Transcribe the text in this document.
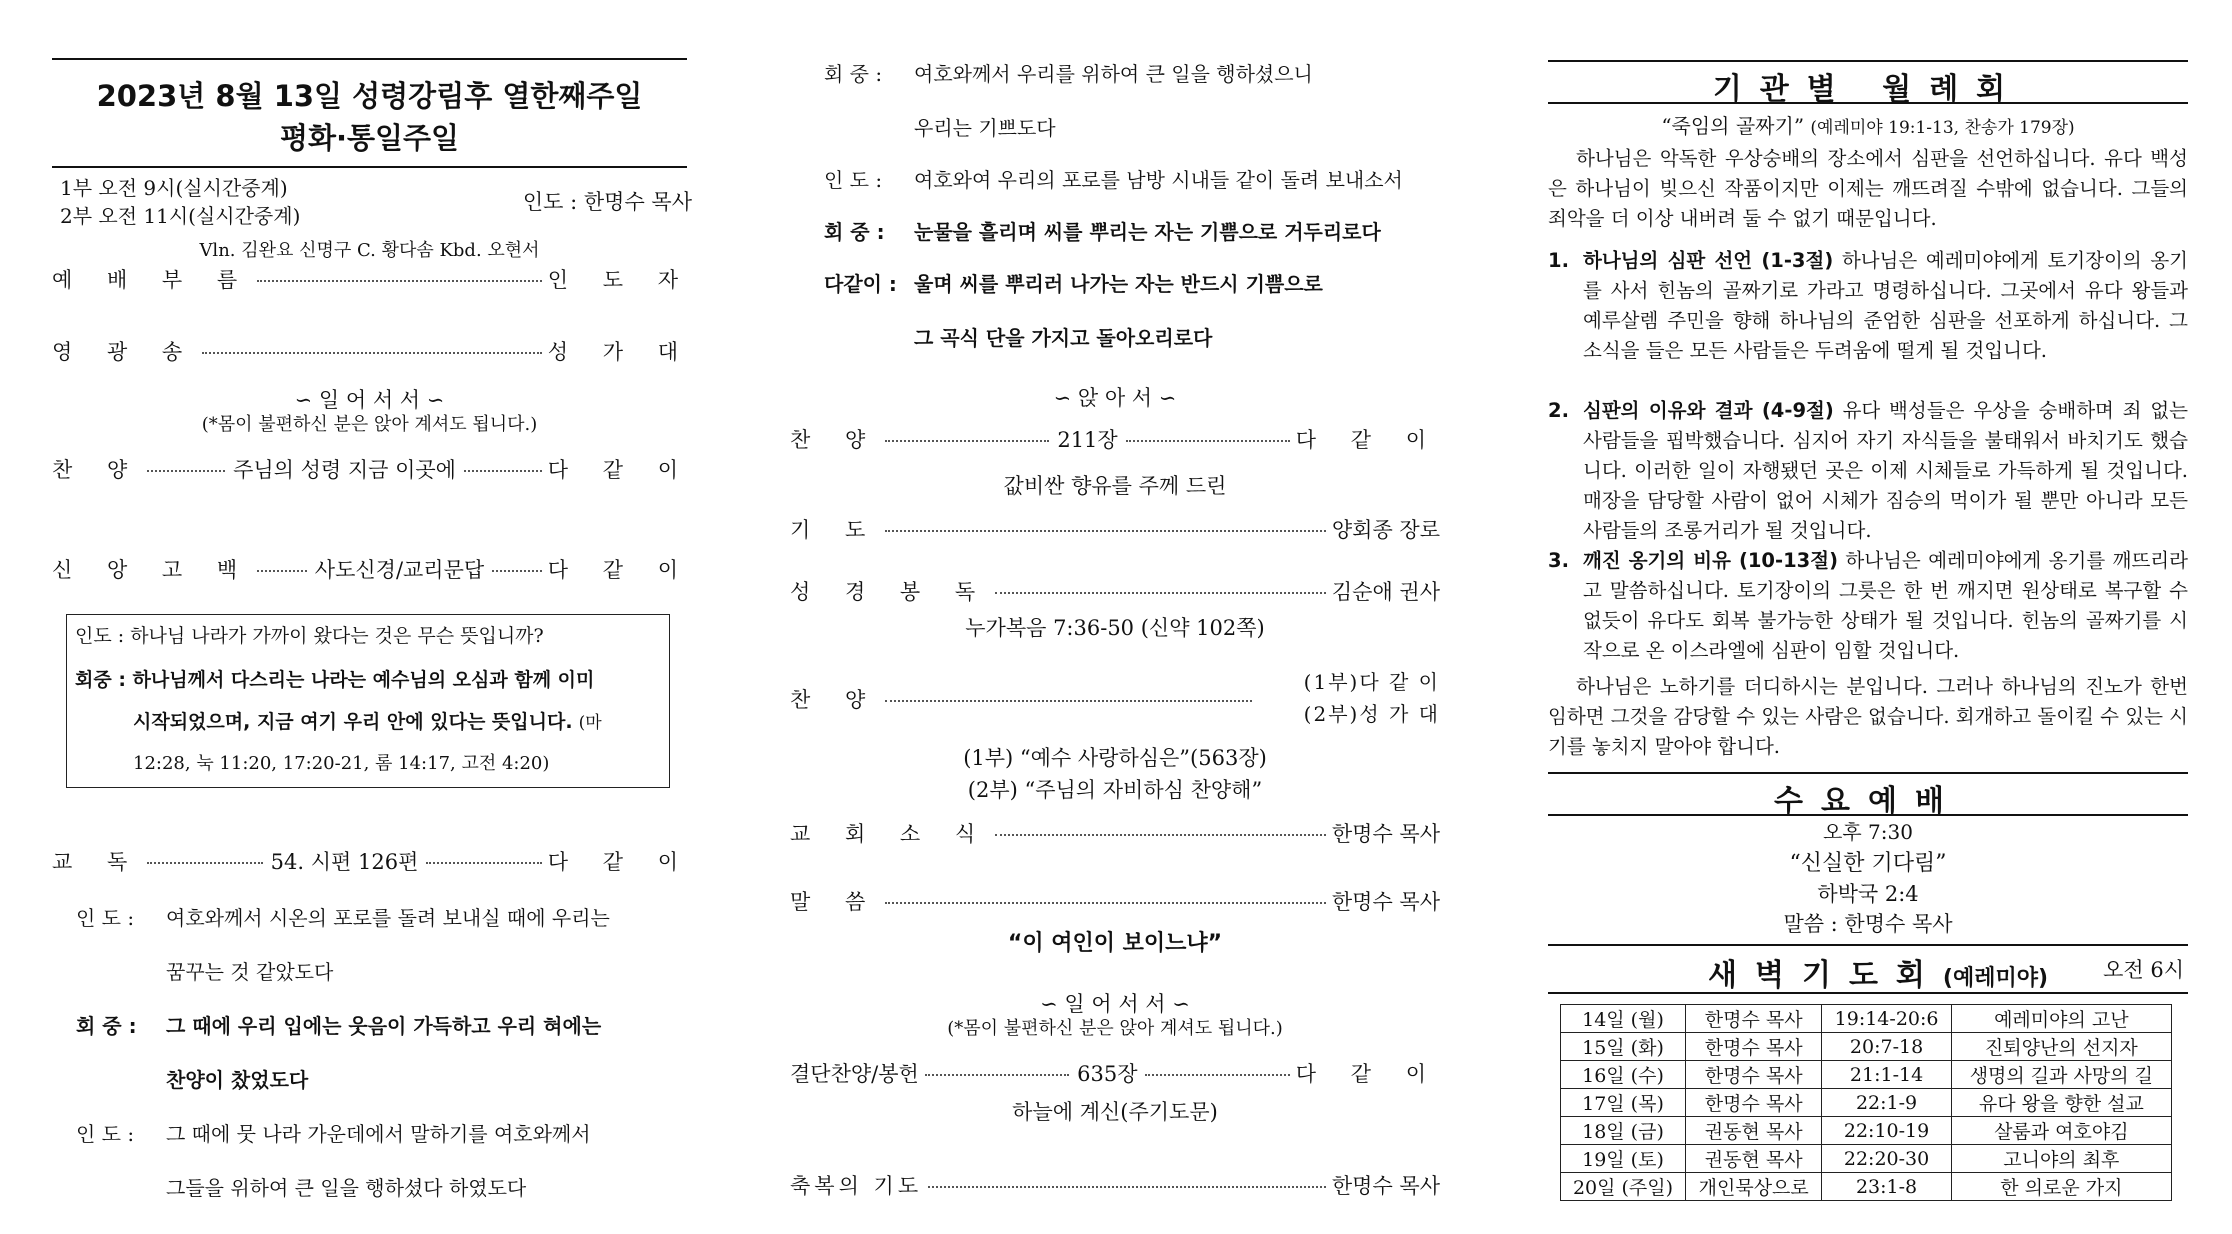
2023년 8월 13일 성령강림후 열한째주일
평화·통일주일
1부 오전 9시(실시간중계)
2부 오전 11시(실시간중계)
인도 : 한명수 목사
Vln. 김완요 신명구 C. 황다솜 Kbd. 오현서
예 배 부 름	인 도 자
영 광 송	성 가 대
∽ 일 어 서 서 ∽
(*몸이 불편하신 분은 앉아 계셔도 됩니다.)
찬 양	주님의 성령 지금 이곳에	다 같 이
신 앙 고 백	사도신경/교리문답	다 같 이
인도 : 하나님 나라가 가까이 왔다는 것은 무슨 뜻입니까?
회중 : 하나님께서 다스리는 나라는 예수님의 오심과 함께 이미
시작되었으며, 지금 여기 우리 안에 있다는 뜻입니다. (마
12:28, 눅 11:20, 17:20-21, 롬 14:17, 고전 4:20)
교 독	54. 시편 126편	다 같 이
인 도 : 여호와께서 시온의 포로를 돌려 보내실 때에 우리는
꿈꾸는 것 같았도다
회 중 : 그 때에 우리 입에는 웃음이 가득하고 우리 혀에는
찬양이 찼었도다
인 도 : 그 때에 뭇 나라 가운데에서 말하기를 여호와께서
그들을 위하여 큰 일을 행하셨다 하였도다
회 중 : 여호와께서 우리를 위하여 큰 일을 행하셨으니
우리는 기쁘도다
인 도 : 여호와여 우리의 포로를 남방 시내들 같이 돌려 보내소서
회 중 : 눈물을 흘리며 씨를 뿌리는 자는 기쁨으로 거두리로다
다같이 : 울며 씨를 뿌리러 나가는 자는 반드시 기쁨으로
그 곡식 단을 가지고 돌아오리로다
∽ 앉 아 서 ∽
찬 양	211장	다 같 이
값비싼 향유를 주께 드린
기 도	양회종 장로
성 경 봉 독	김순애 권사
누가복음 7:36-50 (신약 102쪽)
찬 양
(1부)다 같 이
(2부)성 가 대
(1부) “예수 사랑하심은”(563장)
(2부) “주님의 자비하심 찬양해”
교 회 소 식	한명수 목사
말 씀	한명수 목사
“이 여인이 보이느냐”
∽ 일 어 서 서 ∽
(*몸이 불편하신 분은 앉아 계셔도 됩니다.)
결단찬양/봉헌	635장	다 같 이
하늘에 계신(주기도문)
축복의 기도	한명수 목사
기관별 월례회
“죽임의 골짜기” (예레미야 19:1-13, 찬송가 179장)
하나님은 악독한 우상숭배의 장소에서 심판을 선언하십니다. 유다 백성은 하나님이 빚으신 작품이지만 이제는 깨뜨려질 수밖에 없습니다. 그들의 죄악을 더 이상 내버려 둘 수 없기 때문입니다.
1. 하나님의 심판 선언 (1-3절) 하나님은 예레미야에게 토기장이의 옹기를 사서 힌놈의 골짜기로 가라고 명령하십니다. 그곳에서 유다 왕들과 예루살렘 주민을 향해 하나님의 준엄한 심판을 선포하게 하십니다. 그 소식을 들은 모든 사람들은 두려움에 떨게 될 것입니다.
2. 심판의 이유와 결과 (4-9절) 유다 백성들은 우상을 숭배하며 죄 없는 사람들을 핍박했습니다. 심지어 자기 자식들을 불태워서 바치기도 했습니다. 이러한 일이 자행됐던 곳은 이제 시체들로 가득하게 될 것입니다. 매장을 담당할 사람이 없어 시체가 짐승의 먹이가 될 뿐만 아니라 모든 사람들의 조롱거리가 될 것입니다.
3. 깨진 옹기의 비유 (10-13절) 하나님은 예레미야에게 옹기를 깨뜨리라고 말씀하십니다. 토기장이의 그릇은 한 번 깨지면 원상태로 복구할 수 없듯이 유다도 회복 불가능한 상태가 될 것입니다. 힌놈의 골짜기를 시작으로 온 이스라엘에 심판이 임할 것입니다.
하나님은 노하기를 더디하시는 분입니다. 그러나 하나님의 진노가 한번 임하면 그것을 감당할 수 있는 사람은 없습니다. 회개하고 돌이킬 수 있는 시기를 놓치지 말아야 합니다.
수요예배
오후 7:30
“신실한 기다림”
하박국 2:4
말씀 : 한명수 목사
새벽기도회(예레미야)	오전 6시
14일 (월)	한명수 목사	19:14-20:6	예레미야의 고난
15일 (화)	한명수 목사	20:7-18	진퇴양난의 선지자
16일 (수)	한명수 목사	21:1-14	생명의 길과 사망의 길
17일 (목)	한명수 목사	22:1-9	유다 왕을 향한 설교
18일 (금)	권동현 목사	22:10-19	살룸과 여호야김
19일 (토)	권동현 목사	22:20-30	고니야의 최후
20일 (주일)	개인묵상으로	23:1-8	한 의로운 가지
